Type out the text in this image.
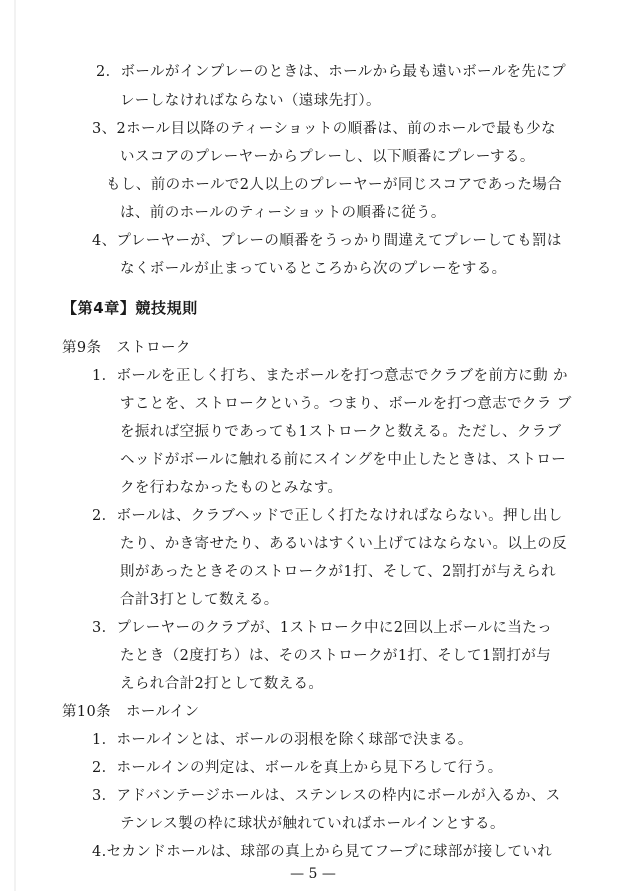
2．ボールがインプレーのときは、ホールから最も遠いボールを先にプ
レーしなければならない（遠球先打）。
3、2ホール目以降のティーショットの順番は、前のホールで最も少な
いスコアのプレーヤーからプレーし、以下順番にプレーする。
もし、前のホールで2人以上のプレーヤーが同じスコアであった場合
は、前のホールのティーショットの順番に従う。
4、プレーヤーが、プレーの順番をうっかり間違えてプレーしても罰は
なくボールが止まっているところから次のプレーをする。
【第4章】競技規則
第9条　ストローク
1．ボールを正しく打ち、またボールを打つ意志でクラブを前方に動 か
すことを、ストロークという。つまり、ボールを打つ意志でクラ ブ
を振れば空振りであっても1ストロークと数える。ただし、クラブ
ヘッドがボールに触れる前にスイングを中止したときは、ストロー
クを行わなかったものとみなす。
2．ボールは、クラブヘッドで正しく打たなければならない。押し出し
たり、かき寄せたり、あるいはすくい上げてはならない。以上の反
則があったときそのストロークが1打、そして、2罰打が与えられ
合計3打として数える。
3．プレーヤーのクラブが、1ストローク中に2回以上ボールに当たっ
たとき（2度打ち）は、そのストロークが1打、そして1罰打が与
えられ合計2打として数える。
第10条　ホールイン
1．ホールインとは、ボールの羽根を除く球部で決まる。
2．ホールインの判定は、ボールを真上から見下ろして行う。
3．アドバンテージホールは、ステンレスの枠内にボールが入るか、ス
テンレス製の枠に球状が触れていればホールインとする。
4.セカンドホールは、球部の真上から見てフープに球部が接していれ
— 5 —
